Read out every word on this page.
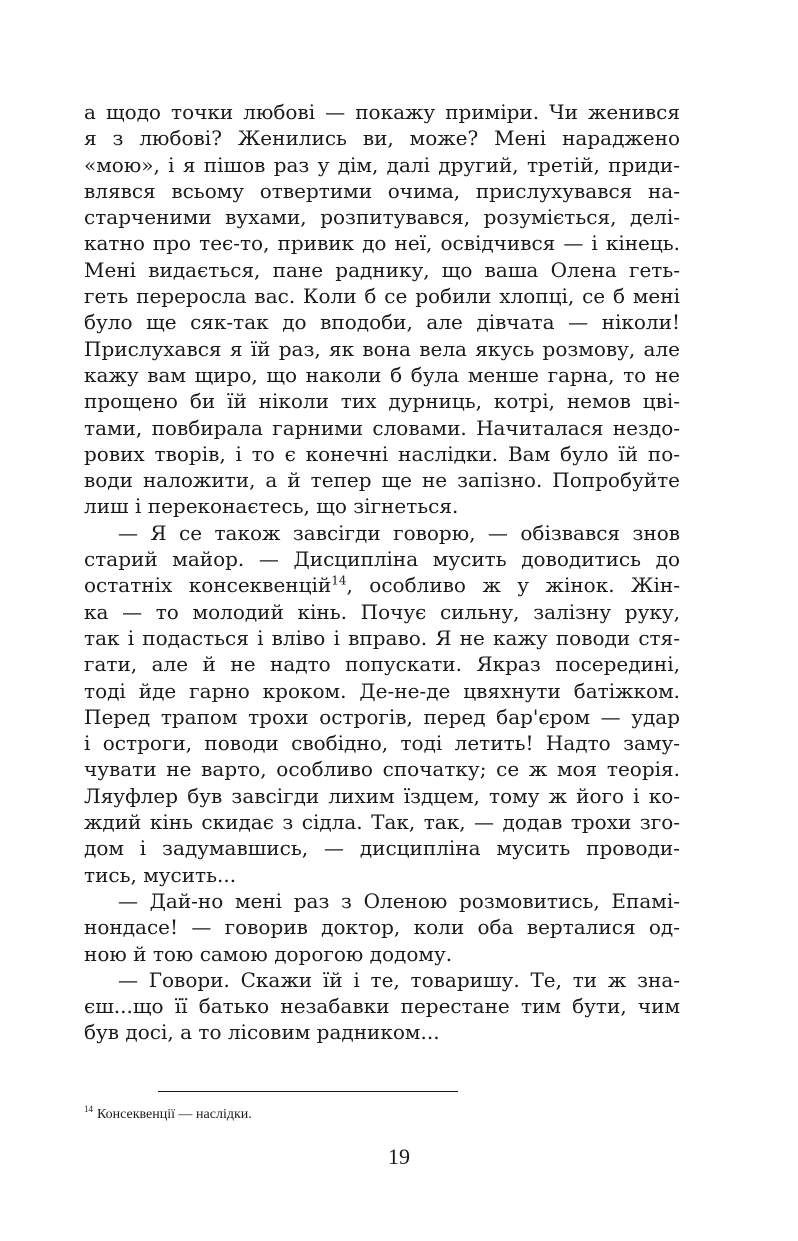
а щодо точки любові — покажу приміри. Чи женився
я з любові? Женились ви, може? Мені нараджено
«мою», і я пішов раз у дім, далі другий, третій, приди-
влявся всьому отвертими очима, прислухувався на-
старченими вухами, розпитувався, розуміється, делі-
катно про теє-то, привик до неї, освідчився — і кінець.
Мені видається, пане раднику, що ваша Олена геть-
геть переросла вас. Коли б се робили хлопці, се б мені
було ще сяк-так до вподоби, але дівчата — ніколи!
Прислухався я їй раз, як вона вела якусь розмову, але
кажу вам щиро, що наколи б була менше гарна, то не
прощено би їй ніколи тих дурниць, котрі, немов цві-
тами, повбирала гарними словами. Начиталася нездо-
рових творів, і то є конечні наслідки. Вам було їй по-
води наложити, а й тепер ще не запізно. Попробуйте
лиш і переконаєтесь, що зігнеться.
— Я се також завсігди говорю, — обізвався знов
старий майор. — Дисципліна мусить доводитись до
остатніх консеквенцій$^{14}$, особливо ж у жінок. Жін-
ка — то молодий кінь. Почує сильну, залізну руку,
так і подасться і вліво і вправо. Я не кажу поводи стя-
гати, але й не надто попускати. Якраз посередині,
тоді йде гарно кроком. Де-не-де цвяхнути батіжком.
Перед трапом трохи острогів, перед бар'єром — удар
і остроги, поводи свобідно, тоді летить! Надто заму-
чувати не варто, особливо спочатку; се ж моя теорія.
Ляуфлер був завсігди лихим їздцем, тому ж його і ко-
ждий кінь скидає з сідла. Так, так, — додав трохи зго-
дом і задумавшись, — дисципліна мусить проводи-
тись, мусить...
— Дай-но мені раз з Оленою розмовитись, Епамі-
нондасе! — говорив доктор, коли оба верталися од-
ною й тою самою дорогою додому.
— Говори. Скажи їй і те, товаришу. Те, ти ж зна-
єш...що її батько незабавки перестане тим бути, чим
був досі, а то лісовим радником...
$^{14}$ Консеквенції — наслідки.
19
